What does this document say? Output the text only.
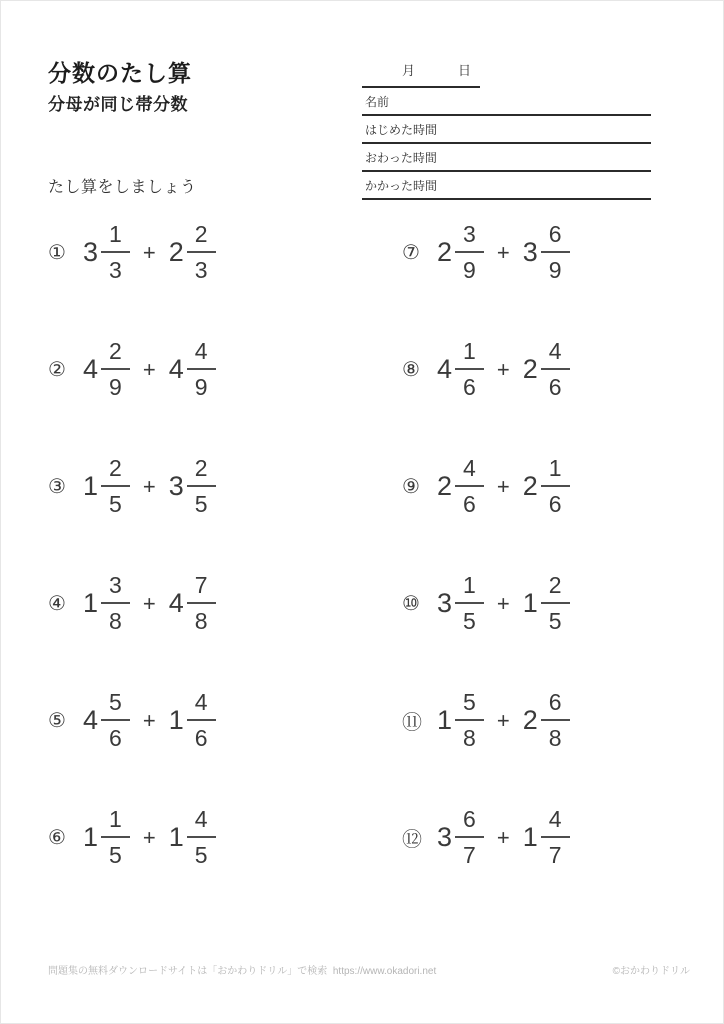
分数のたし算
分母が同じ帯分数
たし算をしましょう
月	日
名前
はじめた時間
おわった時間
かかった時間
① $3 \frac{1}{3} + 2 \frac{2}{3}$
② $4 \frac{2}{9} + 4 \frac{4}{9}$
③ $1 \frac{2}{5} + 3 \frac{2}{5}$
④ $1 \frac{3}{8} + 4 \frac{7}{8}$
⑤ $4 \frac{5}{6} + 1 \frac{4}{6}$
⑥ $1 \frac{1}{5} + 1 \frac{4}{5}$
⑦ $2 \frac{3}{9} + 3 \frac{6}{9}$
⑧ $4 \frac{1}{6} + 2 \frac{4}{6}$
⑨ $2 \frac{4}{6} + 2 \frac{1}{6}$
⑩ $3 \frac{1}{5} + 1 \frac{2}{5}$
⑪ $1 \frac{5}{8} + 2 \frac{6}{8}$
⑫ $3 \frac{6}{7} + 1 \frac{4}{7}$
問題集の無料ダウンロードサイトは「おかわりドリル」で検索  https://www.okadori.net	©おかわりドリル
